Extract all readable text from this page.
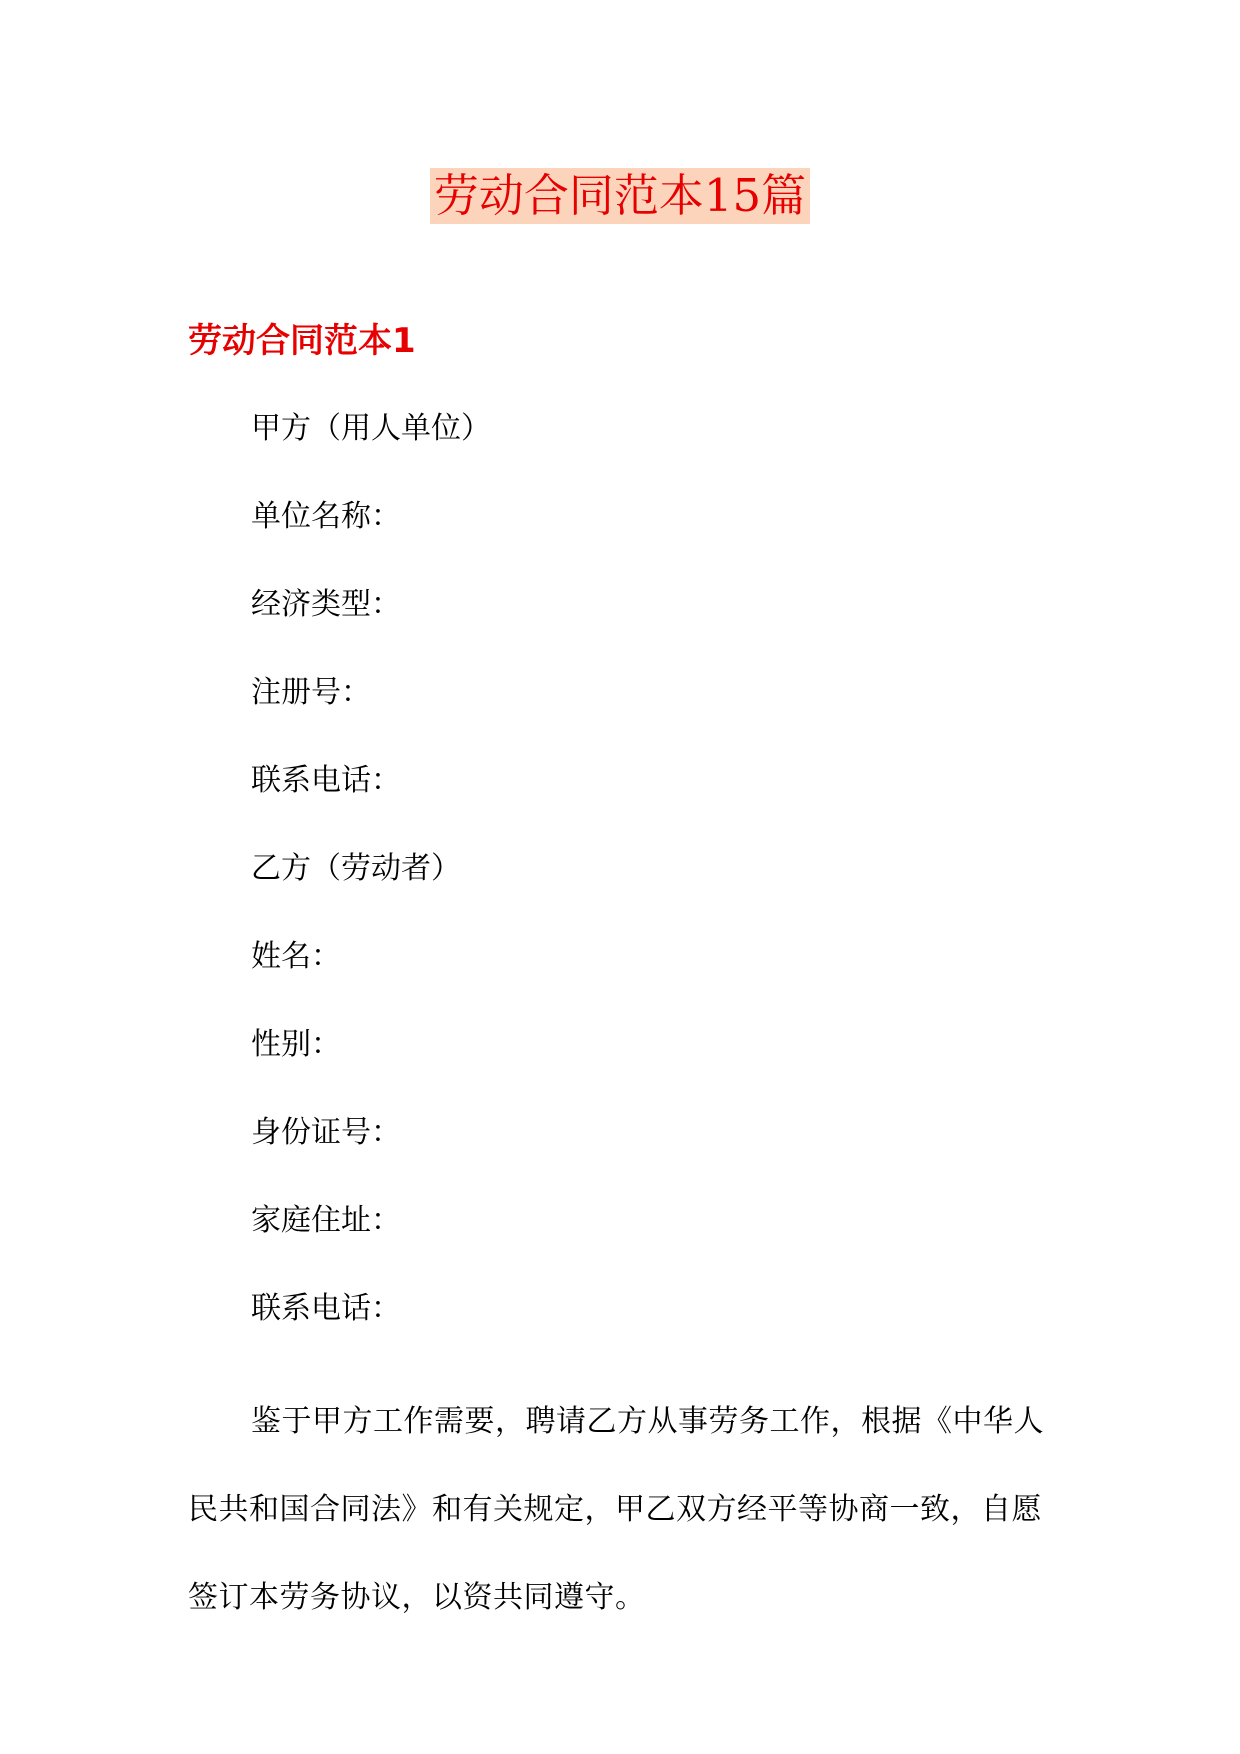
劳动合同范本15篇
劳动合同范本1
甲方（用人单位）
单位名称：
经济类型：
注册号：
联系电话：
乙方（劳动者）
姓名：
性别：
身份证号：
家庭住址：
联系电话：
鉴于甲方工作需要，聘请乙方从事劳务工作，根据《中华人民共和国合同法》和有关规定，甲乙双方经平等协商一致，自愿签订本劳务协议，以资共同遵守。
